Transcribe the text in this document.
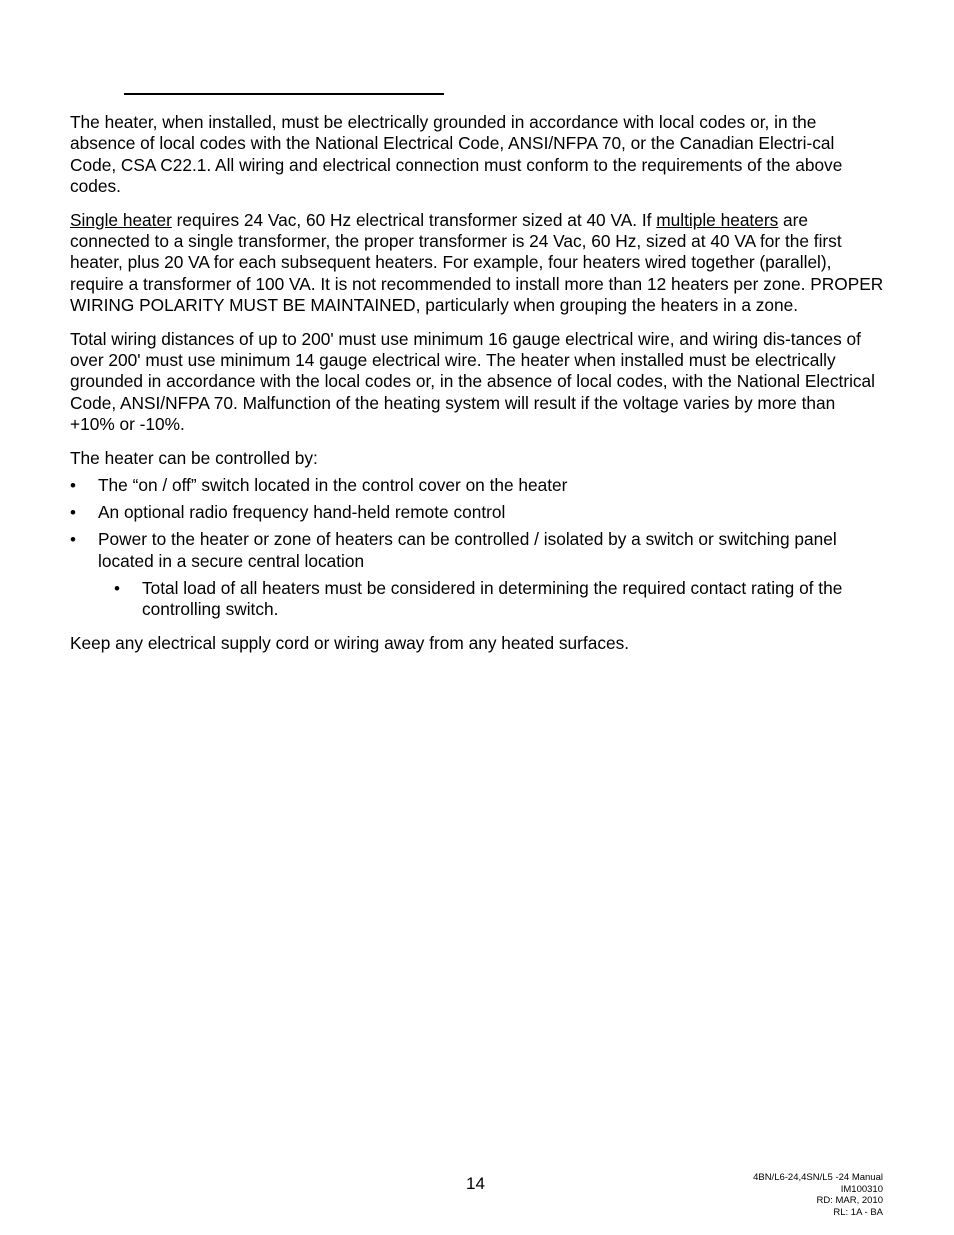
The heater, when installed, must be electrically grounded in accordance with local codes or, in the absence of local codes with the National Electrical Code, ANSI/NFPA 70, or the Canadian Electri-cal Code, CSA C22.1. All wiring and electrical connection must conform to the requirements of the above codes.

Single heater requires 24 Vac, 60 Hz electrical transformer sized at 40 VA. If multiple heaters are connected to a single transformer, the proper transformer is 24 Vac, 60 Hz, sized at 40 VA for the first heater, plus 20 VA for each subsequent heaters. For example, four heaters wired together (parallel), require a transformer of 100 VA. It is not recommended to install more than 12 heaters per zone. PROPER WIRING POLARITY MUST BE MAINTAINED, particularly when grouping the heaters in a zone.

Total wiring distances of up to 200' must use minimum 16 gauge electrical wire, and wiring dis-tances of over 200' must use minimum 14 gauge electrical wire. The heater when installed must be electrically grounded in accordance with the local codes or, in the absence of local codes, with the National Electrical Code, ANSI/NFPA 70. Malfunction of the heating system will result if the voltage varies by more than +10% or -10%.

The heater can be controlled by:

• The “on / off” switch located in the control cover on the heater
• An optional radio frequency hand-held remote control
• Power to the heater or zone of heaters can be controlled / isolated by a switch or switching panel located in a secure central location
• Total load of all heaters must be considered in determining the required contact rating of the controlling switch.

Keep any electrical supply cord or wiring away from any heated surfaces.

14	4BN/L6-24,4SN/L5 -24 Manual
IM100310
RD: MAR, 2010
RL: 1A - BA
